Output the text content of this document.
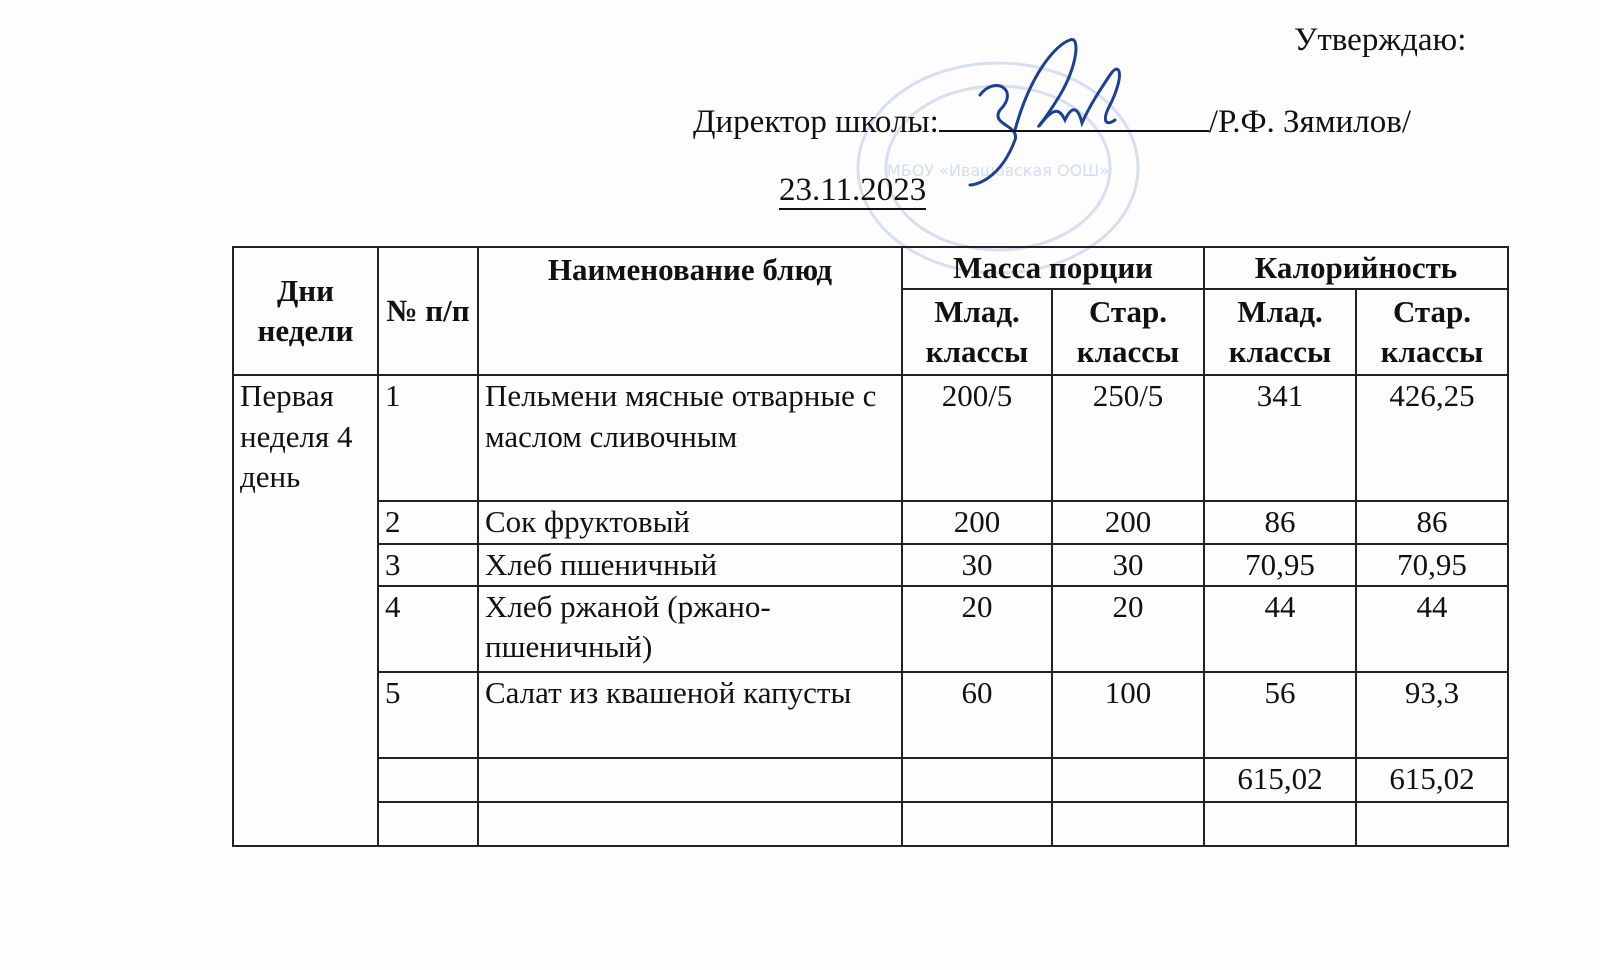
МБОУ «Ивашовская ООШ»
Утверждаю:
Директор школы:	/Р.Ф. Зямилов/
23.11.2023
Дни недели	№ п/п	Наименование блюд	Масса порции		Калорийность	
			Млад. классы	Стар. классы	Млад. классы	Стар. классы
Первая неделя 4 день	1	Пельмени мясные отварные с маслом сливочным	200/5	250/5	341	426,25
	2	Сок фруктовый	200	200	86	86
	3	Хлеб пшеничный	30	30	70,95	70,95
	4	Хлеб ржаной (ржано-пшеничный)	20	20	44	44
	5	Салат из квашеной капусты	60	100	56	93,3
					615,02	615,02
